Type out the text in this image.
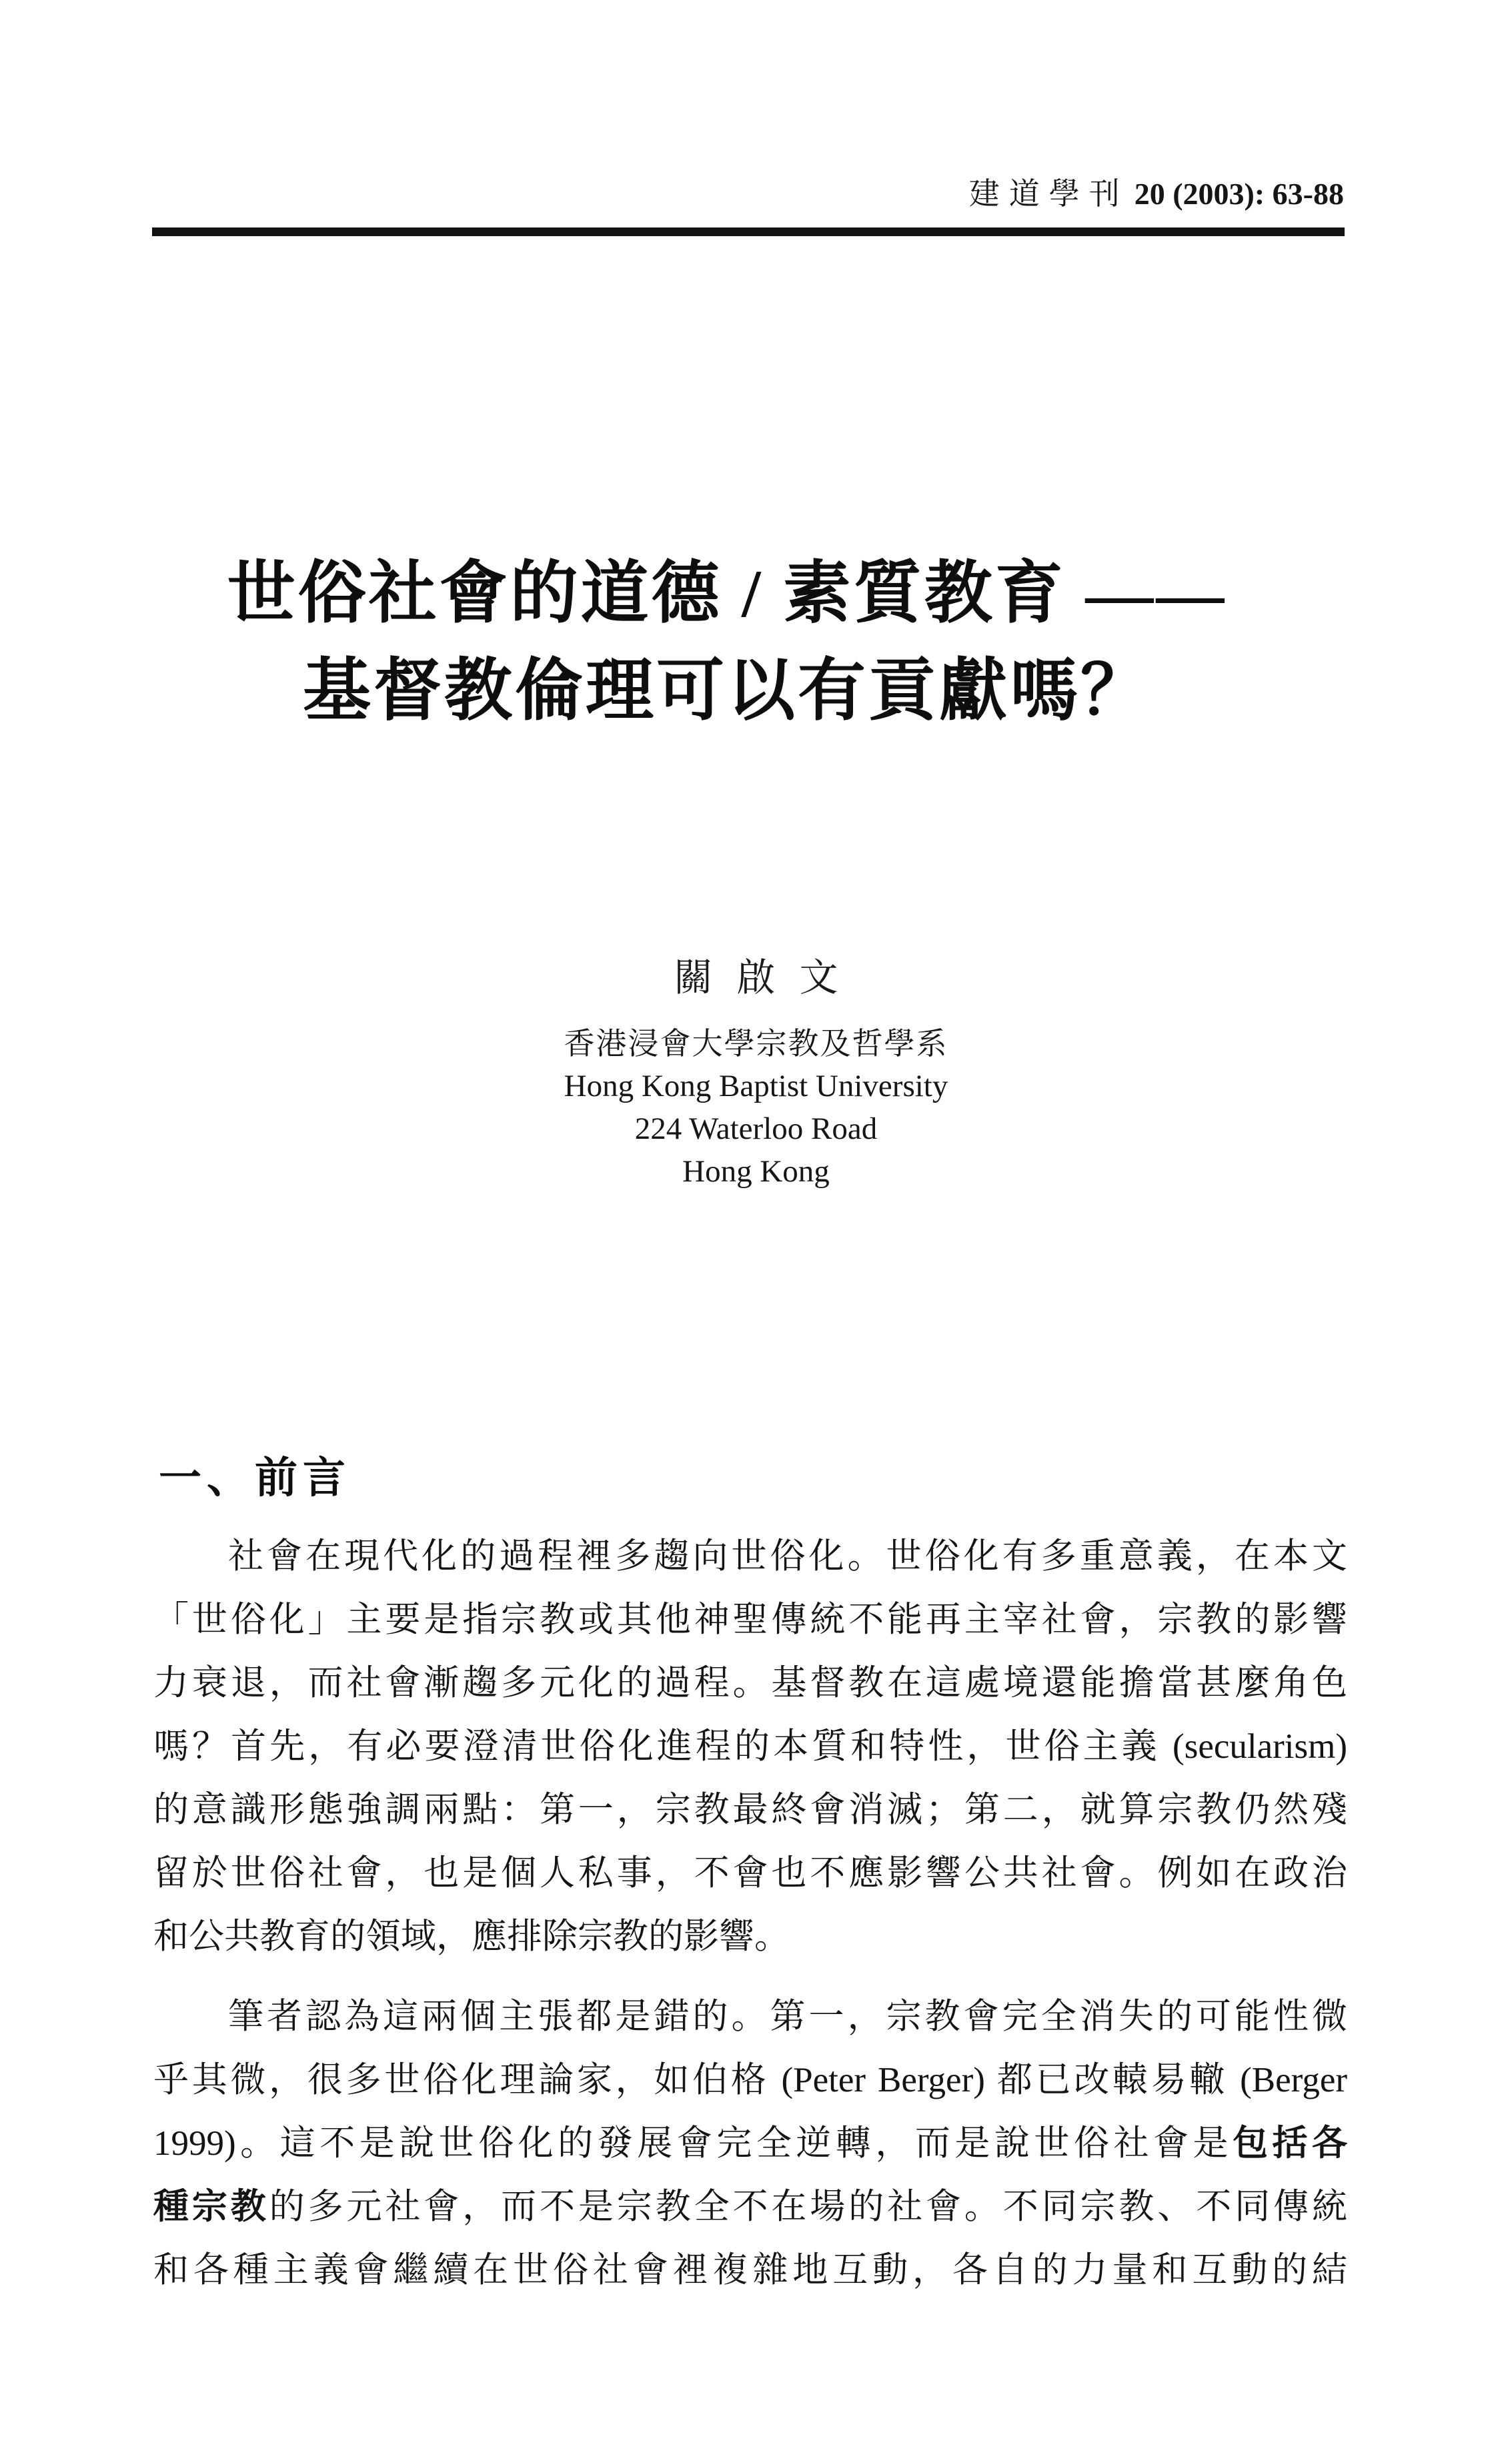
建道學刊 20 (2003): 63-88
世俗社會的道德 / 素質教育 ——
基督教倫理可以有貢獻嗎？
關啟文
香港浸會大學宗教及哲學系
Hong Kong Baptist University
224 Waterloo Road
Hong Kong
一、前言
社會在現代化的過程裡多趨向世俗化。世俗化有多重意義，在本文
「世俗化」主要是指宗教或其他神聖傳統不能再主宰社會，宗教的影響
力衰退，而社會漸趨多元化的過程。基督教在這處境還能擔當甚麼角色
嗎？首先，有必要澄清世俗化進程的本質和特性，世俗主義 (secularism)
的意識形態強調兩點：第一，宗教最終會消滅；第二，就算宗教仍然殘
留於世俗社會，也是個人私事，不會也不應影響公共社會。例如在政治
和公共教育的領域，應排除宗教的影響。
筆者認為這兩個主張都是錯的。第一，宗教會完全消失的可能性微
乎其微，很多世俗化理論家，如伯格 (Peter Berger) 都已改轅易轍 (Berger
1999)。這不是說世俗化的發展會完全逆轉，而是說世俗社會是包括各
種宗教的多元社會，而不是宗教全不在場的社會。不同宗教、不同傳統
和各種主義會繼續在世俗社會裡複雜地互動，各自的力量和互動的結
